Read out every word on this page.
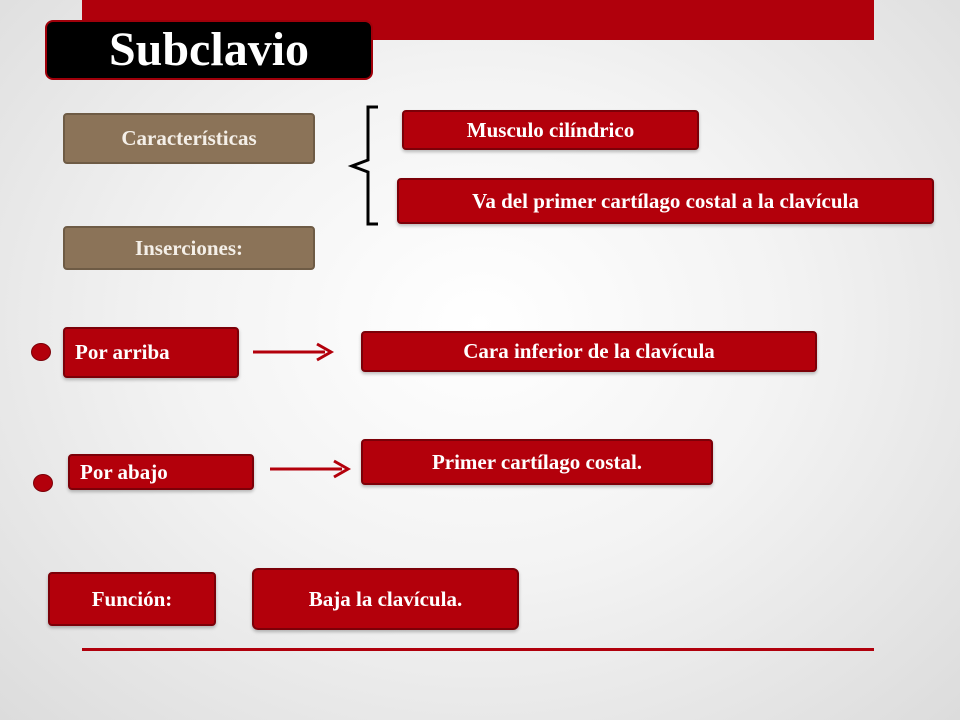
Subclavio
Características	Musculo cilíndrico
Va del primer cartílago costal a la clavícula
Inserciones:
Por arriba	Cara inferior de la clavícula
Por abajo	Primer cartílago costal.
Función:	Baja la clavícula.
